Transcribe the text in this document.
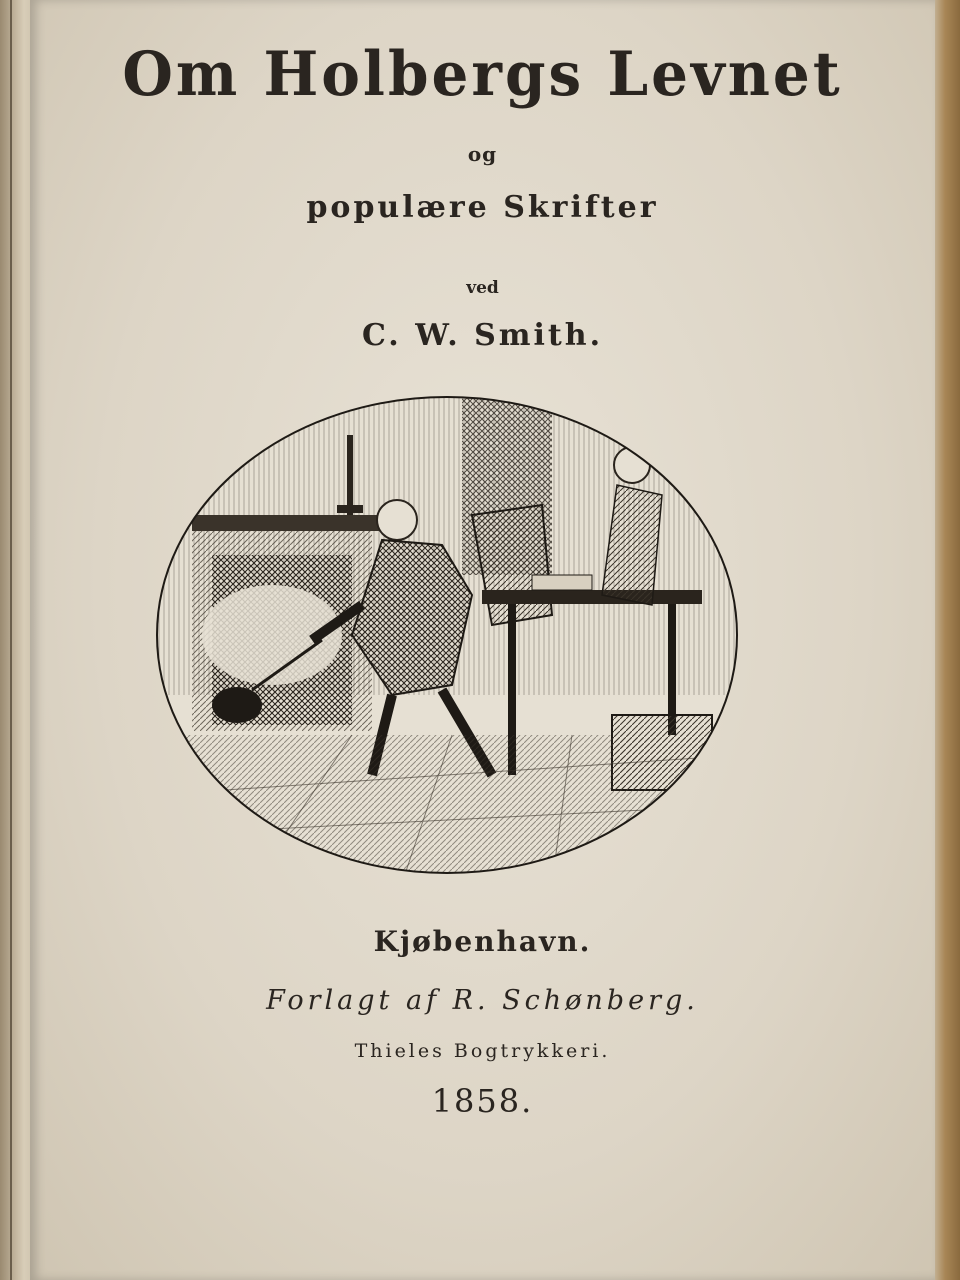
Om Holbergs Levnet
og
populære Skrifter
ved
C. W. Smith.
Kjøbenhavn.
Forlagt af R. Schønberg.
Thieles Bogtrykkeri.
1858.
